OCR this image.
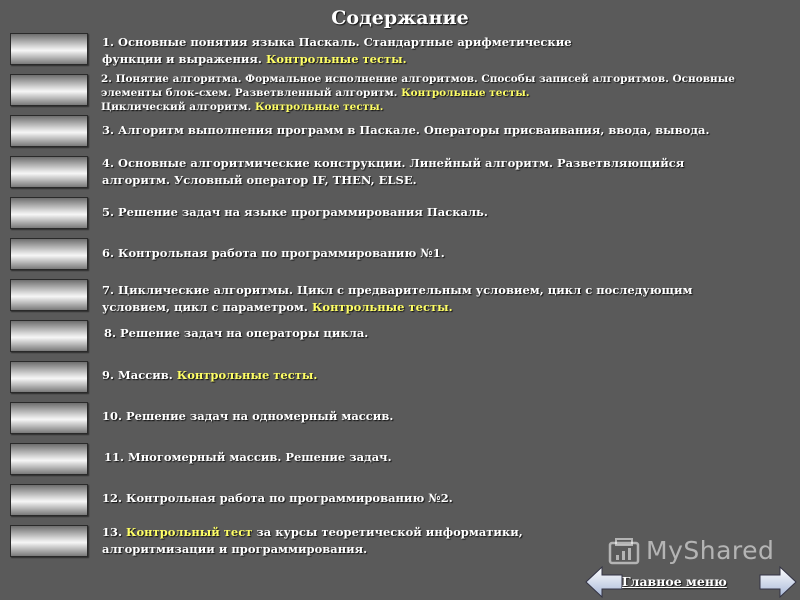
Содержание
1. Основные понятия языка Паскаль. Стандартные арифметические функции и выражения. Контрольные тесты.
2. Понятие алгоритма. Формальное исполнение алгоритмов. Способы записей алгоритмов. Основные элементы блок-схем. Разветвленный алгоритм. Контрольные тесты.
Циклический алгоритм. Контрольные тесты.
3. Алгоритм выполнения программ в Паскале. Операторы присваивания, ввода, вывода.
4. Основные алгоритмические конструкции. Линейный алгоритм. Разветвляющийся алгоритм. Условный оператор IF, THEN, ELSE.
5. Решение задач на языке программирования Паскаль.
6. Контрольная работа по программированию №1.
7. Циклические алгоритмы. Цикл с предварительным условием, цикл с последующим условием, цикл с параметром. Контрольные тесты.
8. Решение задач на операторы цикла.
9. Массив. Контрольные тесты.
10. Решение задач на одномерный массив.
11. Многомерный массив. Решение задач.
12. Контрольная работа по программированию №2.
13. Контрольный тест за курсы теоретической информатики, алгоритмизации и программирования.	MyShared
Главное меню
